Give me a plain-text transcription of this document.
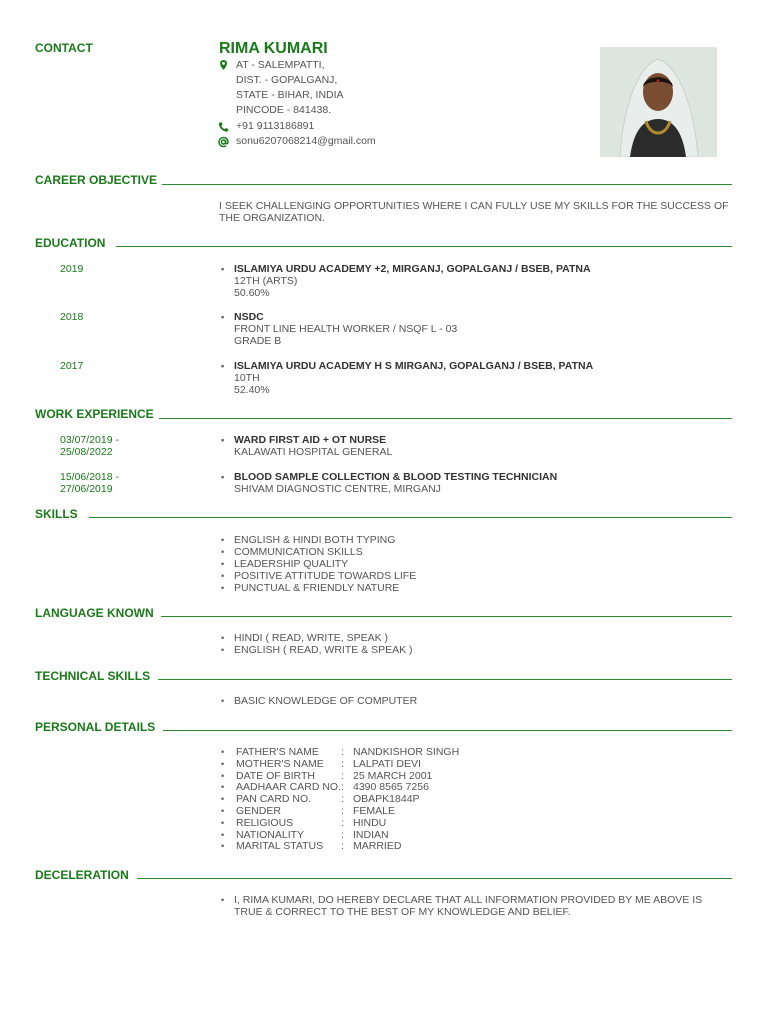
CONTACT	RIMA KUMARI
AT - SALEMPATTI,
DIST. - GOPALGANJ,
STATE - BIHAR, INDIA
PINCODE - 841438.
+91 9113186891
sonu6207068214@gmail.com
CAREER OBJECTIVE
I SEEK CHALLENGING OPPORTUNITIES WHERE I CAN FULLY USE MY SKILLS FOR THE SUCCESS OF THE ORGANIZATION.
EDUCATION
2019	• ISLAMIYA URDU ACADEMY +2, MIRGANJ, GOPALGANJ / BSEB, PATNA
12TH (ARTS)
50.60%
2018	• NSDC
FRONT LINE HEALTH WORKER / NSQF L - 03
GRADE B
2017	• ISLAMIYA URDU ACADEMY H S MIRGANJ, GOPALGANJ / BSEB, PATNA
10TH
52.40%
WORK EXPERIENCE
03/07/2019 -
25/08/2022
• WARD FIRST AID + OT NURSE
KALAWATI HOSPITAL GENERAL
15/06/2018 -
27/06/2019
• BLOOD SAMPLE COLLECTION & BLOOD TESTING TECHNICIAN
SHIVAM DIAGNOSTIC CENTRE, MIRGANJ
SKILLS
• ENGLISH & HINDI BOTH TYPING
• COMMUNICATION SKILLS
• LEADERSHIP QUALITY
• POSITIVE ATTITUDE TOWARDS LIFE
• PUNCTUAL & FRIENDLY NATURE
LANGUAGE KNOWN
• HINDI ( READ, WRITE, SPEAK )
• ENGLISH ( READ, WRITE & SPEAK )
TECHNICAL SKILLS
• BASIC KNOWLEDGE OF COMPUTER
PERSONAL DETAILS
•	FATHER'S NAME	:	NANDKISHOR SINGH
•	MOTHER'S NAME	:	LALPATI DEVI
•	DATE OF BIRTH	:	25 MARCH 2001
•	AADHAAR CARD NO.	:	4390 8565 7256
•	PAN CARD NO.	:	OBAPK1844P
•	GENDER	:	FEMALE
•	RELIGIOUS	:	HINDU
•	NATIONALITY	:	INDIAN
•	MARITAL STATUS	:	MARRIED
DECELERATION
• I, RIMA KUMARI, DO HEREBY DECLARE THAT ALL INFORMATION PROVIDED BY ME ABOVE IS TRUE & CORRECT TO THE BEST OF MY KNOWLEDGE AND BELIEF.
